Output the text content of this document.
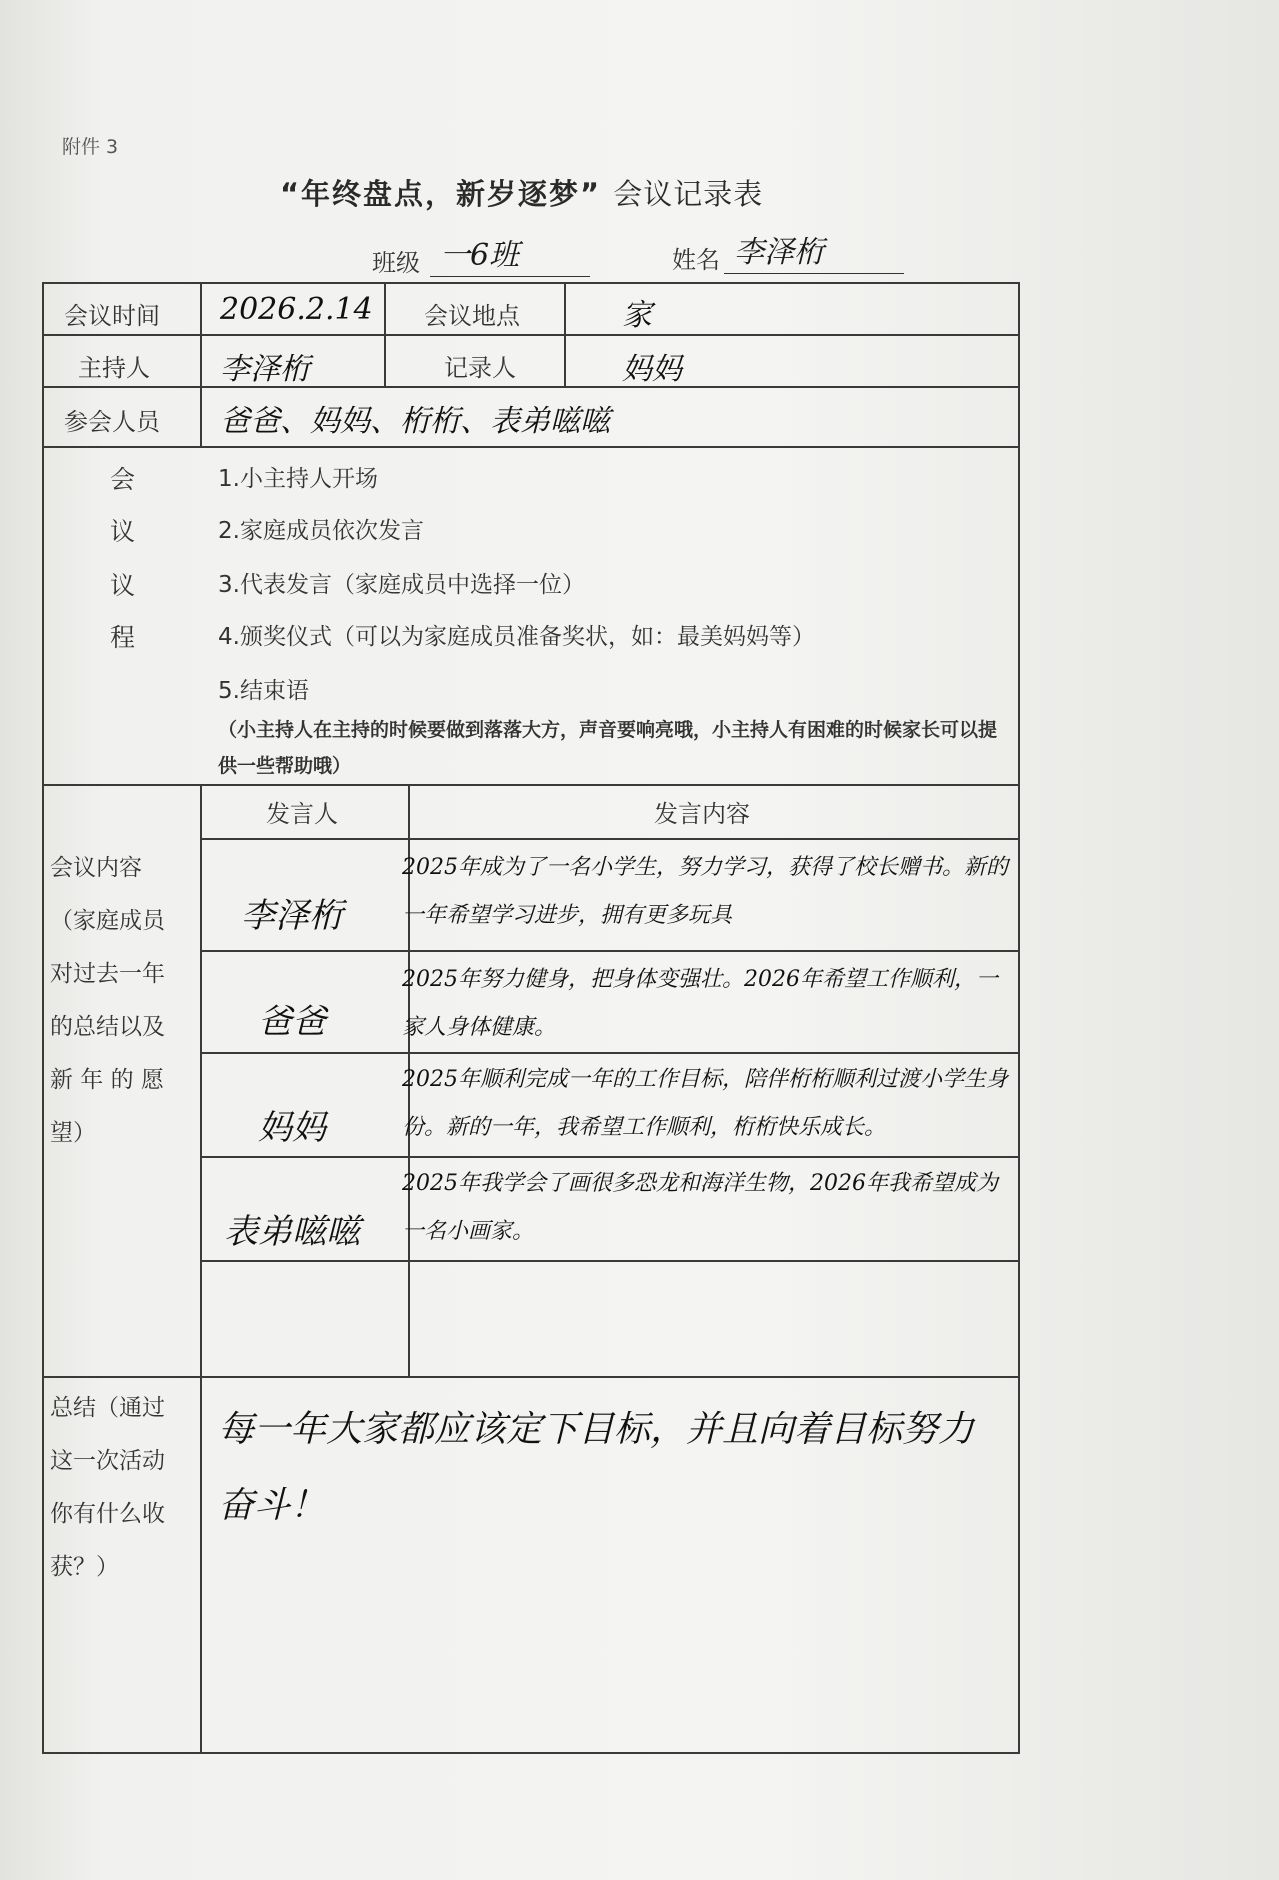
附件 3
“年终盘点，新岁逐梦” 会议记录表
班级 一6班	姓名 李泽桁
会议时间 2026.2.14 会议地点	家
主持人 李泽桁	记录人	妈妈
参会人员 爸爸、妈妈、桁桁、表弟嗞嗞
会
议
议
程
1.小主持人开场
2.家庭成员依次发言
3.代表发言（家庭成员中选择一位）
4.颁奖仪式（可以为家庭成员准备奖状，如：最美妈妈等）
5.结束语
（小主持人在主持的时候要做到落落大方，声音要响亮哦，小主持人有困难的时候家长可以提供一些帮助哦）
会议内容（家庭成员对过去一年的总结以及新 年 的 愿望）
发言人	发言内容
李泽桁
2025年成为了一名小学生，努力学习，获得了校长赠书。新的一年希望学习进步，拥有更多玩具
爸爸
2025年努力健身，把身体变强壮。2026年希望工作顺利，一家人身体健康。
妈妈
2025年顺利完成一年的工作目标，陪伴桁桁顺利过渡小学生身份。新的一年，我希望工作顺利，桁桁快乐成长。
表弟嗞嗞
2025年我学会了画很多恐龙和海洋生物，2026年我希望成为一名小画家。
总结（通过这一次活动你有什么收获？）
每一年大家都应该定下目标，并且向着目标努力奋斗！
